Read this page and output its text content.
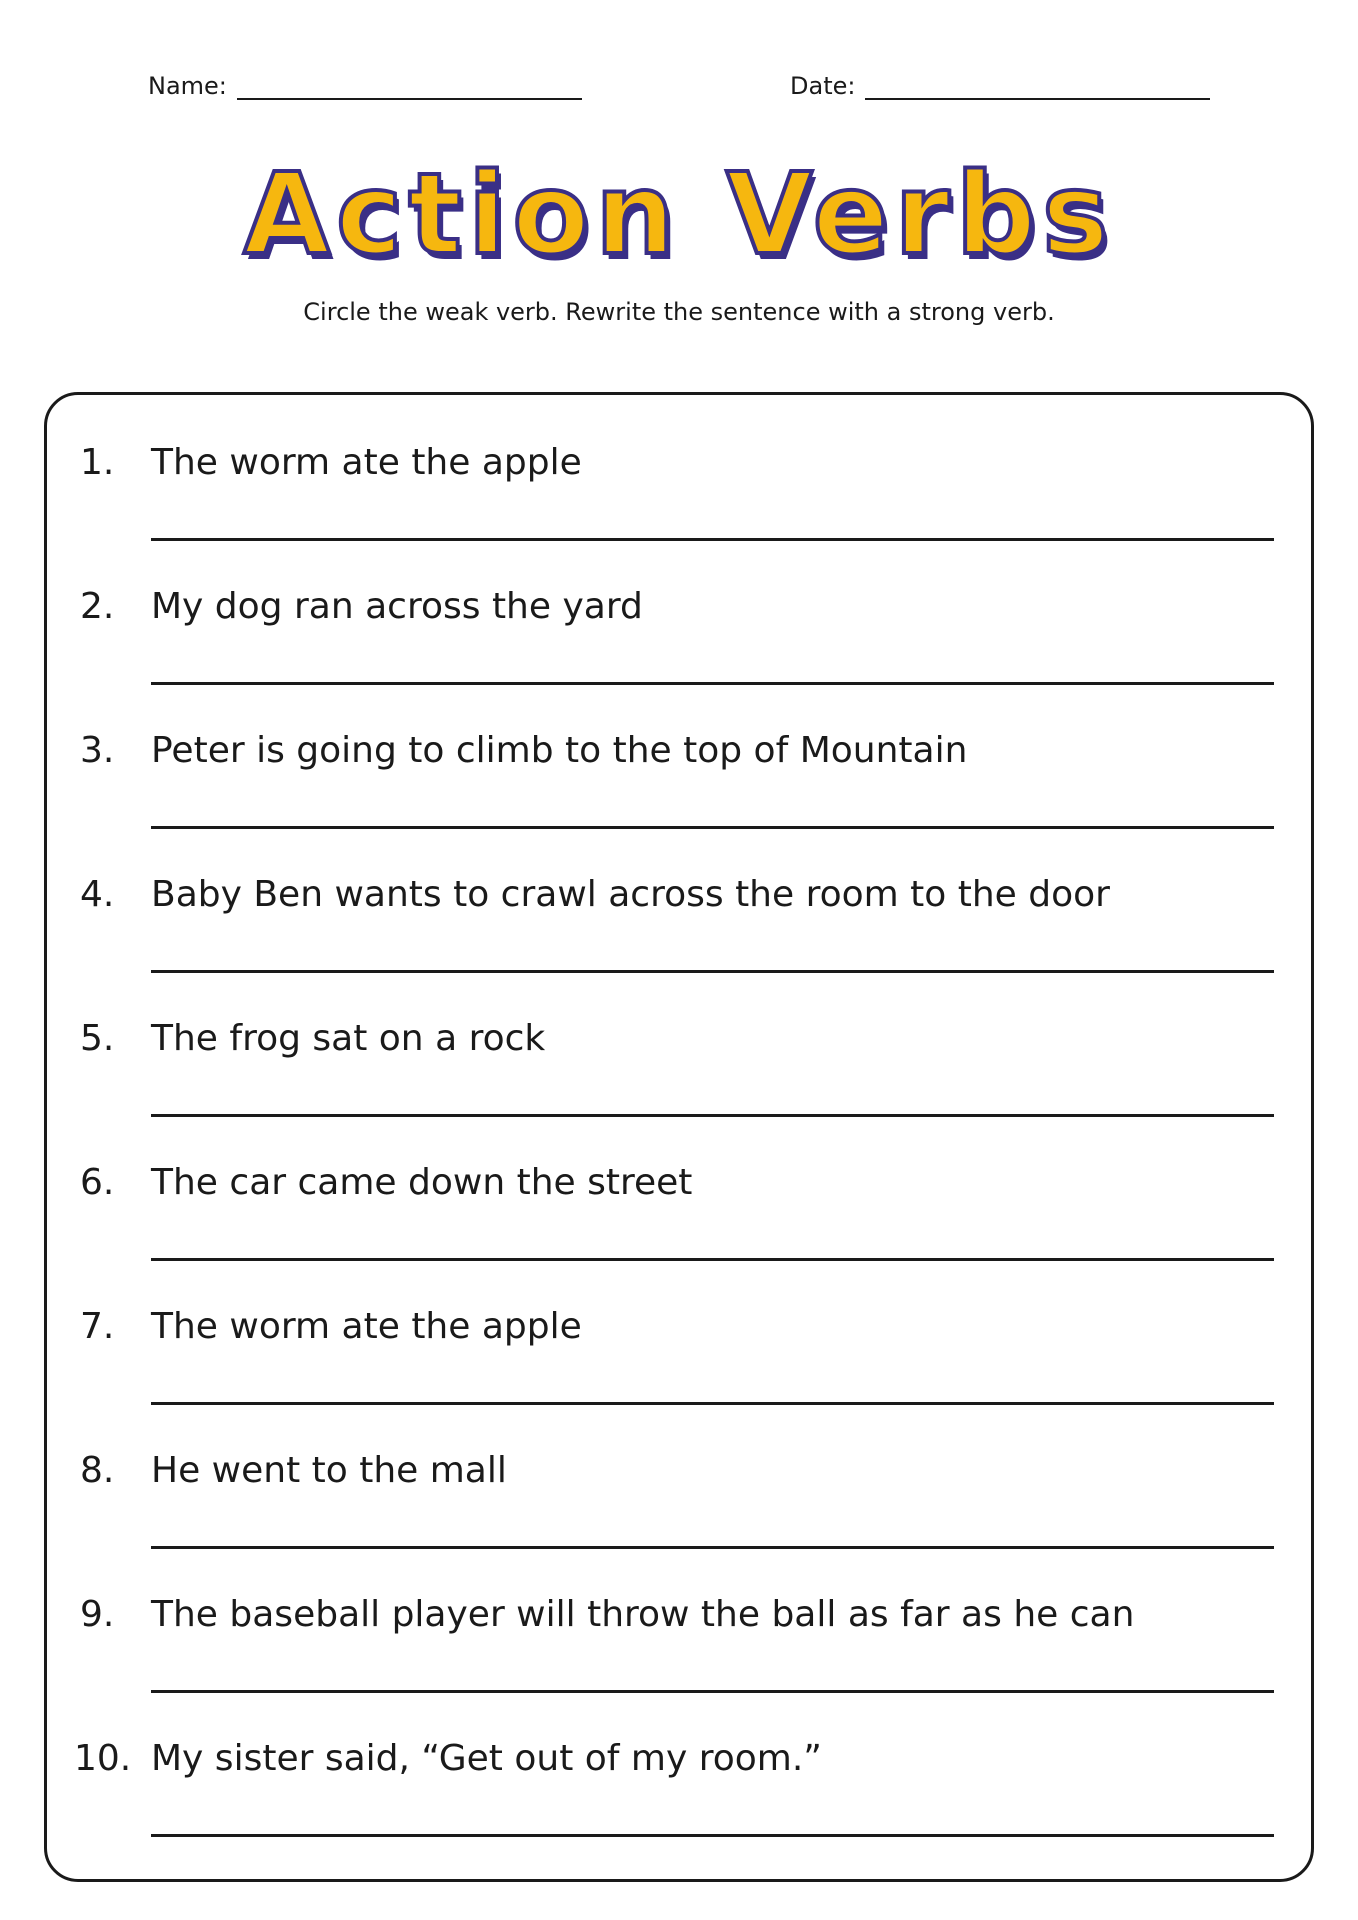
Name:	Date:
Action Verbs
Circle the weak verb. Rewrite the sentence with a strong verb.
1.	The worm ate the apple
2.	My dog ran across the yard
3.	Peter is going to climb to the top of Mountain
4.	Baby Ben wants to crawl across the room to the door
5.	The frog sat on a rock
6.	The car came down the street
7.	The worm ate the apple
8.	He went to the mall
9.	The baseball player will throw the ball as far as he can
10. My sister said, “Get out of my room.”
